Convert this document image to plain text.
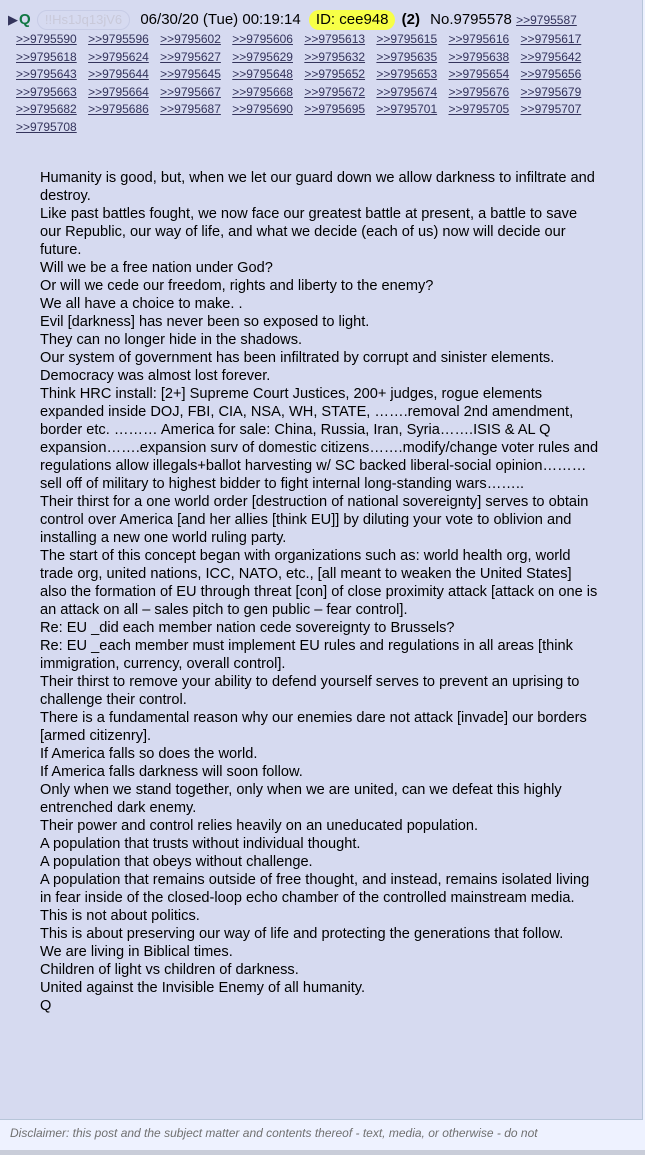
▶Q !!Hs1Jq13jV6 06/30/20 (Tue) 00:19:14 ID: cee948 (2) No.9795578 >>9795587
>>9795590 >>9795596 >>9795602 >>9795606 >>9795613 >>9795615 >>9795616 >>9795617 >>9795618 >>9795624 >>9795627 >>9795629 >>9795632 >>9795635 >>9795638 >>9795642 >>9795643 >>9795644 >>9795645 >>9795648 >>9795652 >>9795653 >>9795654 >>9795656 >>9795663 >>9795664 >>9795667 >>9795668 >>9795672 >>9795674 >>9795676 >>9795679 >>9795682 >>9795686 >>9795687 >>9795690 >>9795695 >>9795701 >>9795705 >>9795707 >>9795708
Humanity is good, but, when we let our guard down we allow darkness to infiltrate and destroy.
Like past battles fought, we now face our greatest battle at present, a battle to save our Republic, our way of life, and what we decide (each of us) now will decide our future.
Will we be a free nation under God?
Or will we cede our freedom, rights and liberty to the enemy?
We all have a choice to make. .
Evil [darkness] has never been so exposed to light.
They can no longer hide in the shadows.
Our system of government has been infiltrated by corrupt and sinister elements.
Democracy was almost lost forever.
Think HRC install: [2+] Supreme Court Justices, 200+ judges, rogue elements expanded inside DOJ, FBI, CIA, NSA, WH, STATE, …….removal 2nd amendment, border etc. ……… America for sale: China, Russia, Iran, Syria…….ISIS & AL Q expansion…….expansion surv of domestic citizens…….modify/change voter rules and regulations allow illegals+ballot harvesting w/ SC backed liberal-social opinion………sell off of military to highest bidder to fight internal long-standing wars……..
Their thirst for a one world order [destruction of national sovereignty] serves to obtain control over America [and her allies [think EU]] by diluting your vote to oblivion and installing a new one world ruling party.
The start of this concept began with organizations such as: world health org, world trade org, united nations, ICC, NATO, etc., [all meant to weaken the United States] also the formation of EU through threat [con] of close proximity attack [attack on one is an attack on all – sales pitch to gen public – fear control].
Re: EU _did each member nation cede sovereignty to Brussels?
Re: EU _each member must implement EU rules and regulations in all areas [think immigration, currency, overall control].
Their thirst to remove your ability to defend yourself serves to prevent an uprising to challenge their control.
There is a fundamental reason why our enemies dare not attack [invade] our borders [armed citizenry].
If America falls so does the world.
If America falls darkness will soon follow.
Only when we stand together, only when we are united, can we defeat this highly entrenched dark enemy.
Their power and control relies heavily on an uneducated population.
A population that trusts without individual thought.
A population that obeys without challenge.
A population that remains outside of free thought, and instead, remains isolated living in fear inside of the closed-loop echo chamber of the controlled mainstream media.
This is not about politics.
This is about preserving our way of life and protecting the generations that follow.
We are living in Biblical times.
Children of light vs children of darkness.
United against the Invisible Enemy of all humanity.
Q
Disclaimer: this post and the subject matter and contents thereof - text, media, or otherwise - do not
